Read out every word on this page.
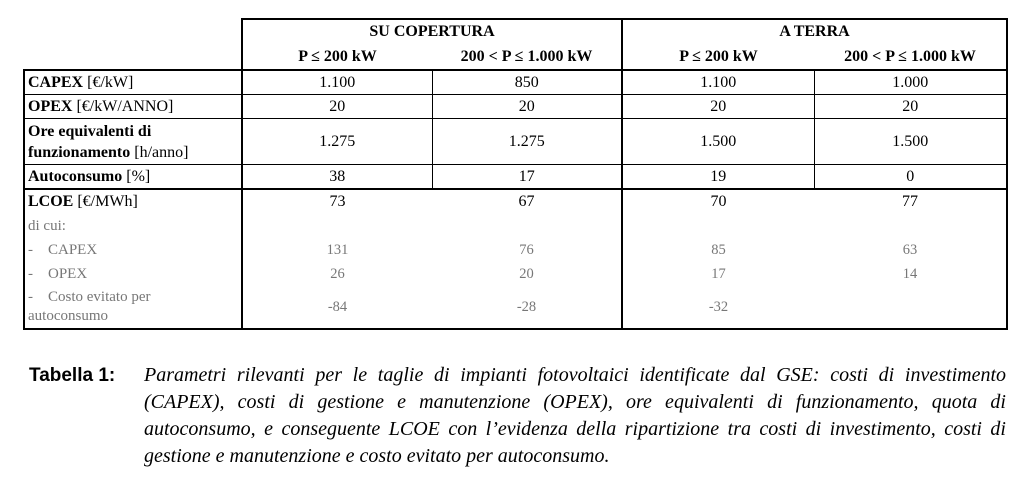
	SU COPERTURA		A TERRA	
	P ≤ 200 kW	200 < P ≤ 1.000 kW	P ≤ 200 kW	200 < P ≤ 1.000 kW
CAPEX [€/kW]	1.100	850	1.100	1.000
OPEX [€/kW/ANNO]	20	20	20	20
Ore equivalenti di
funzionamento [h/anno]	1.275	1.275	1.500	1.500
Autoconsumo [%]	38	17	19	0
LCOE [€/MWh]	73	67	70	77
di cui:				
-    CAPEX	131	76	85	63
-    OPEX	26	20	17	14
-    Costo evitato per
autoconsumo	-84	-28	-32	
Tabella 1: Parametri rilevanti per le taglie di impianti fotovoltaici identificate dal GSE: costi di investimento (CAPEX), costi di gestione e manutenzione (OPEX), ore equivalenti di funzionamento, quota di autoconsumo, e conseguente LCOE con l’evidenza della ripartizione tra costi di investimento, costi di gestione e manutenzione e costo evitato per autoconsumo.
